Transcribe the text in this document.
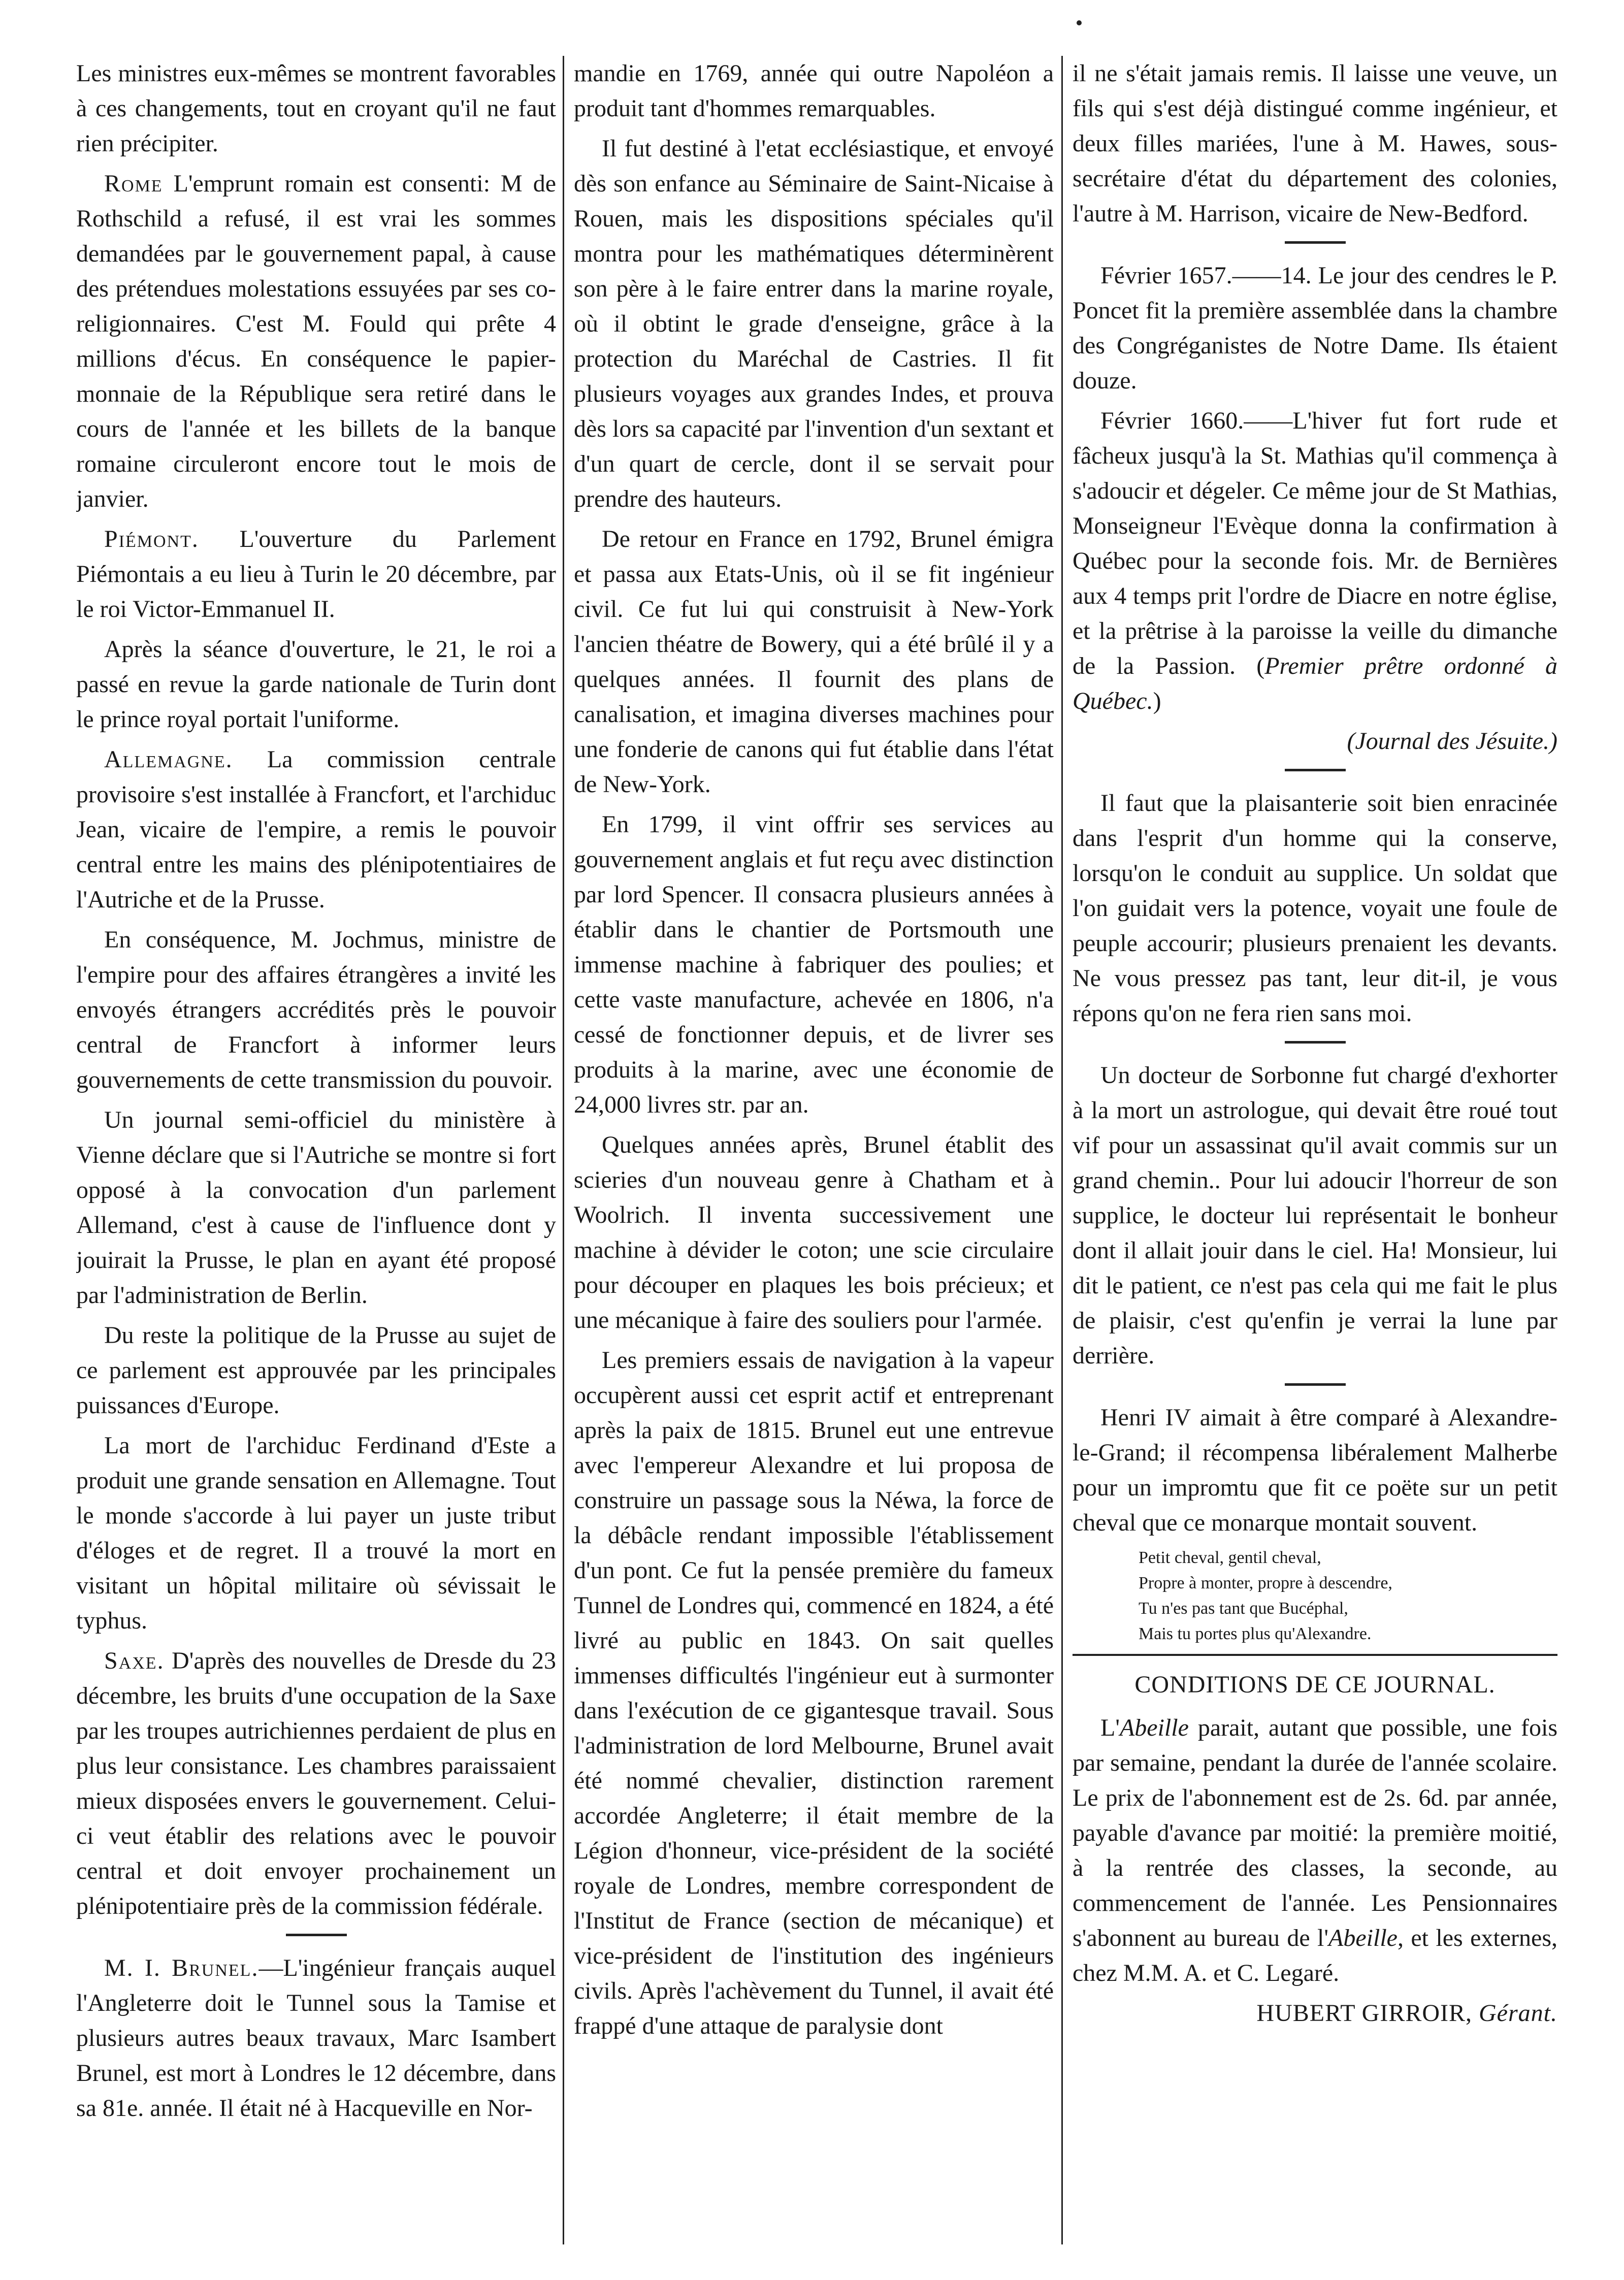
Les ministres eux-mêmes se montrent favorables à ces changements, tout en croyant qu'il ne faut rien précipiter.

Rome L'emprunt romain est consenti: M de Rothschild a refusé, il est vrai les sommes demandées par le gouvernement papal, à cause des prétendues molestations essuyées par ses co-religionnaires. C'est M. Fould qui prête 4 millions d'écus. En conséquence le papier-monnaie de la République sera retiré dans le cours de l'année et les billets de la banque romaine circuleront encore tout le mois de janvier.

Piémont. L'ouverture du Parlement Piémontais a eu lieu à Turin le 20 décembre, par le roi Victor-Emmanuel II.

Après la séance d'ouverture, le 21, le roi a passé en revue la garde nationale de Turin dont le prince royal portait l'uniforme.

Allemagne. La commission centrale provisoire s'est installée à Francfort, et l'archiduc Jean, vicaire de l'empire, a remis le pouvoir central entre les mains des plénipotentiaires de l'Autriche et de la Prusse.

En conséquence, M. Jochmus, ministre de l'empire pour des affaires étrangères a invité les envoyés étrangers accrédités près le pouvoir central de Francfort à informer leurs gouvernements de cette transmission du pouvoir.

Un journal semi-officiel du ministère à Vienne déclare que si l'Autriche se montre si fort opposé à la convocation d'un parlement Allemand, c'est à cause de l'influence dont y jouirait la Prusse, le plan en ayant été proposé par l'administration de Berlin.

Du reste la politique de la Prusse au sujet de ce parlement est approuvée par les principales puissances d'Europe.

La mort de l'archiduc Ferdinand d'Este a produit une grande sensation en Allemagne. Tout le monde s'accorde à lui payer un juste tribut d'éloges et de regret. Il a trouvé la mort en visitant un hôpital militaire où sévissait le typhus.

Saxe. D'après des nouvelles de Dresde du 23 décembre, les bruits d'une occupation de la Saxe par les troupes autrichiennes perdaient de plus en plus leur consistance. Les chambres paraissaient mieux disposées envers le gouvernement. Celui-ci veut établir des relations avec le pouvoir central et doit envoyer prochainement un plénipotentiaire près de la commission fédérale.

M. I. Brunel.—L'ingénieur français auquel l'Angleterre doit le Tunnel sous la Tamise et plusieurs autres beaux travaux, Marc Isambert Brunel, est mort à Londres le 12 décembre, dans sa 81e. année. Il était né à Hacqueville en Nor-

mandie en 1769, année qui outre Napoléon a produit tant d'hommes remarquables.

Il fut destiné à l'etat ecclésiastique, et envoyé dès son enfance au Séminaire de Saint-Nicaise à Rouen, mais les dispositions spéciales qu'il montra pour les mathématiques déterminèrent son père à le faire entrer dans la marine royale, où il obtint le grade d'enseigne, grâce à la protection du Maréchal de Castries. Il fit plusieurs voyages aux grandes Indes, et prouva dès lors sa capacité par l'invention d'un sextant et d'un quart de cercle, dont il se servait pour prendre des hauteurs.

De retour en France en 1792, Brunel émigra et passa aux Etats-Unis, où il se fit ingénieur civil. Ce fut lui qui construisit à New-York l'ancien théatre de Bowery, qui a été brûlé il y a quelques années. Il fournit des plans de canalisation, et imagina diverses machines pour une fonderie de canons qui fut établie dans l'état de New-York.

En 1799, il vint offrir ses services au gouvernement anglais et fut reçu avec distinction par lord Spencer. Il consacra plusieurs années à établir dans le chantier de Portsmouth une immense machine à fabriquer des poulies; et cette vaste manufacture, achevée en 1806, n'a cessé de fonctionner depuis, et de livrer ses produits à la marine, avec une économie de 24,000 livres str. par an.

Quelques années après, Brunel établit des scieries d'un nouveau genre à Chatham et à Woolrich. Il inventa successivement une machine à dévider le coton; une scie circulaire pour découper en plaques les bois précieux; et une mécanique à faire des souliers pour l'armée.

Les premiers essais de navigation à la vapeur occupèrent aussi cet esprit actif et entreprenant après la paix de 1815. Brunel eut une entrevue avec l'empereur Alexandre et lui proposa de construire un passage sous la Néwa, la force de la débâcle rendant impossible l'établissement d'un pont. Ce fut la pensée première du fameux Tunnel de Londres qui, commencé en 1824, a été livré au public en 1843. On sait quelles immenses difficultés l'ingénieur eut à surmonter dans l'exécution de ce gigantesque travail. Sous l'administration de lord Melbourne, Brunel avait été nommé chevalier, distinction rarement accordée Angleterre; il était membre de la Légion d'honneur, vice-président de la société royale de Londres, membre correspondent de l'Institut de France (section de mécanique) et vice-président de l'institution des ingénieurs civils. Après l'achèvement du Tunnel, il avait été frappé d'une attaque de paralysie dont

il ne s'était jamais remis. Il laisse une veuve, un fils qui s'est déjà distingué comme ingénieur, et deux filles mariées, l'une à M. Hawes, sous-secrétaire d'état du département des colonies, l'autre à M. Harrison, vicaire de New-Bedford.

Février 1657.——14. Le jour des cendres le P. Poncet fit la première assemblée dans la chambre des Congréganistes de Notre Dame. Ils étaient douze.

Février 1660.——L'hiver fut fort rude et fâcheux jusqu'à la St. Mathias qu'il commença à s'adoucir et dégeler. Ce même jour de St Mathias, Monseigneur l'Evèque donna la confirmation à Québec pour la seconde fois. Mr. de Bernières aux 4 temps prit l'ordre de Diacre en notre église, et la prêtrise à la paroisse la veille du dimanche de la Passion. (Premier prêtre ordonné à Québec.)

(Journal des Jésuite.)

Il faut que la plaisanterie soit bien enracinée dans l'esprit d'un homme qui la conserve, lorsqu'on le conduit au supplice. Un soldat que l'on guidait vers la potence, voyait une foule de peuple accourir; plusieurs prenaient les devants. Ne vous pressez pas tant, leur dit-il, je vous répons qu'on ne fera rien sans moi.

Un docteur de Sorbonne fut chargé d'exhorter à la mort un astrologue, qui devait être roué tout vif pour un assassinat qu'il avait commis sur un grand chemin.. Pour lui adoucir l'horreur de son supplice, le docteur lui représentait le bonheur dont il allait jouir dans le ciel. Ha! Monsieur, lui dit le patient, ce n'est pas cela qui me fait le plus de plaisir, c'est qu'enfin je verrai la lune par derrière.

Henri IV aimait à être comparé à Alexandre-le-Grand; il récompensa libéralement Malherbe pour un impromtu que fit ce poëte sur un petit cheval que ce monarque montait souvent.

Petit cheval, gentil cheval,
Propre à monter, propre à descendre,
Tu n'es pas tant que Bucéphal,
Mais tu portes plus qu'Alexandre.

CONDITIONS DE CE JOURNAL.

L'Abeille parait, autant que possible, une fois par semaine, pendant la durée de l'année scolaire. Le prix de l'abonnement est de 2s. 6d. par année, payable d'avance par moitié: la première moitié, à la rentrée des classes, la seconde, au commencement de l'année. Les Pensionnaires s'abonnent au bureau de l'Abeille, et les externes, chez M.M. A. et C. Legaré.

HUBERT GIRROIR, Gérant.
